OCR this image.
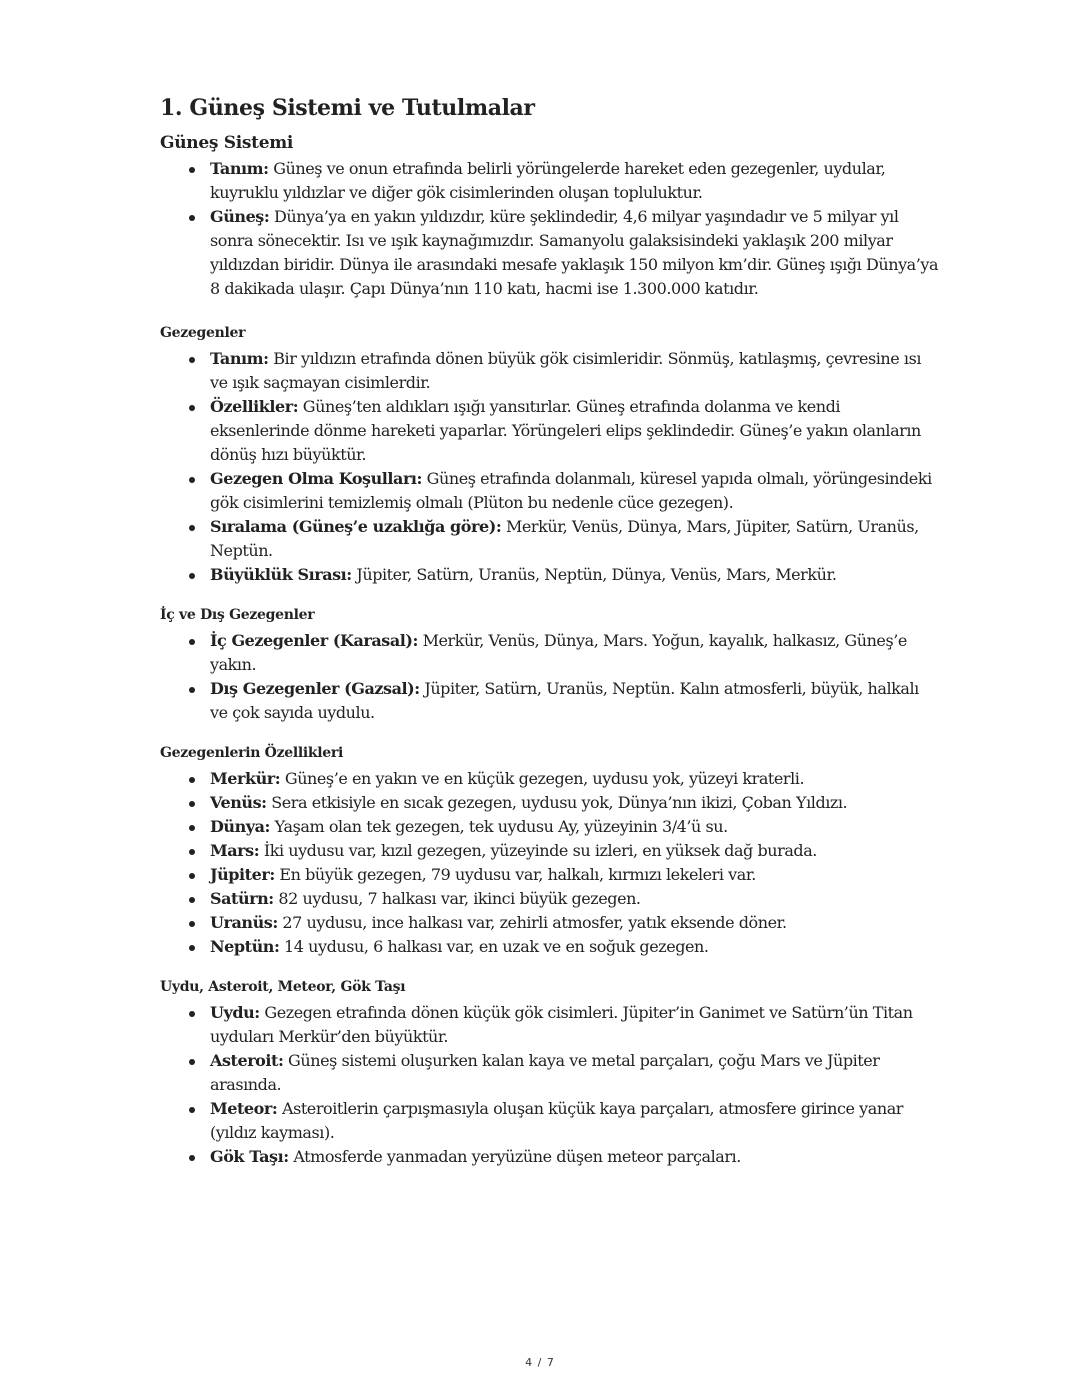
1. Güneş Sistemi ve Tutulmalar
Güneş Sistemi
Tanım: Güneş ve onun etrafında belirli yörüngelerde hareket eden gezegenler, uydular, kuyruklu yıldızlar ve diğer gök cisimlerinden oluşan topluluktur.
Güneş: Dünya’ya en yakın yıldızdır, küre şeklindedir, 4,6 milyar yaşındadır ve 5 milyar yıl sonra sönecektir. Isı ve ışık kaynağımızdır. Samanyolu galaksisindeki yaklaşık 200 milyar yıldızdan biridir. Dünya ile arasındaki mesafe yaklaşık 150 milyon km’dir. Güneş ışığı Dünya’ya 8 dakikada ulaşır. Çapı Dünya’nın 110 katı, hacmi ise 1.300.000 katıdır.
Gezegenler
Tanım: Bir yıldızın etrafında dönen büyük gök cisimleridir. Sönmüş, katılaşmış, çevresine ısı ve ışık saçmayan cisimlerdir.
Özellikler: Güneş’ten aldıkları ışığı yansıtırlar. Güneş etrafında dolanma ve kendi eksenlerinde dönme hareketi yaparlar. Yörüngeleri elips şeklindedir. Güneş’e yakın olanların dönüş hızı büyüktür.
Gezegen Olma Koşulları: Güneş etrafında dolanmalı, küresel yapıda olmalı, yörüngesindeki gök cisimlerini temizlemiş olmalı (Plüton bu nedenle cüce gezegen).
Sıralama (Güneş’e uzaklığa göre): Merkür, Venüs, Dünya, Mars, Jüpiter, Satürn, Uranüs, Neptün.
Büyüklük Sırası: Jüpiter, Satürn, Uranüs, Neptün, Dünya, Venüs, Mars, Merkür.
İç ve Dış Gezegenler
İç Gezegenler (Karasal): Merkür, Venüs, Dünya, Mars. Yoğun, kayalık, halkasız, Güneş’e yakın.
Dış Gezegenler (Gazsal): Jüpiter, Satürn, Uranüs, Neptün. Kalın atmosferli, büyük, halkalı ve çok sayıda uydulu.
Gezegenlerin Özellikleri
Merkür: Güneş’e en yakın ve en küçük gezegen, uydusu yok, yüzeyi kraterli.
Venüs: Sera etkisiyle en sıcak gezegen, uydusu yok, Dünya’nın ikizi, Çoban Yıldızı.
Dünya: Yaşam olan tek gezegen, tek uydusu Ay, yüzeyinin 3/4’ü su.
Mars: İki uydusu var, kızıl gezegen, yüzeyinde su izleri, en yüksek dağ burada.
Jüpiter: En büyük gezegen, 79 uydusu var, halkalı, kırmızı lekeleri var.
Satürn: 82 uydusu, 7 halkası var, ikinci büyük gezegen.
Uranüs: 27 uydusu, ince halkası var, zehirli atmosfer, yatık eksende döner.
Neptün: 14 uydusu, 6 halkası var, en uzak ve en soğuk gezegen.
Uydu, Asteroit, Meteor, Gök Taşı
Uydu: Gezegen etrafında dönen küçük gök cisimleri. Jüpiter’in Ganimet ve Satürn’ün Titan uyduları Merkür’den büyüktür.
Asteroit: Güneş sistemi oluşurken kalan kaya ve metal parçaları, çoğu Mars ve Jüpiter arasında.
Meteor: Asteroitlerin çarpışmasıyla oluşan küçük kaya parçaları, atmosfere girince yanar (yıldız kayması).
Gök Taşı: Atmosferde yanmadan yeryüzüne düşen meteor parçaları.
4 / 7
